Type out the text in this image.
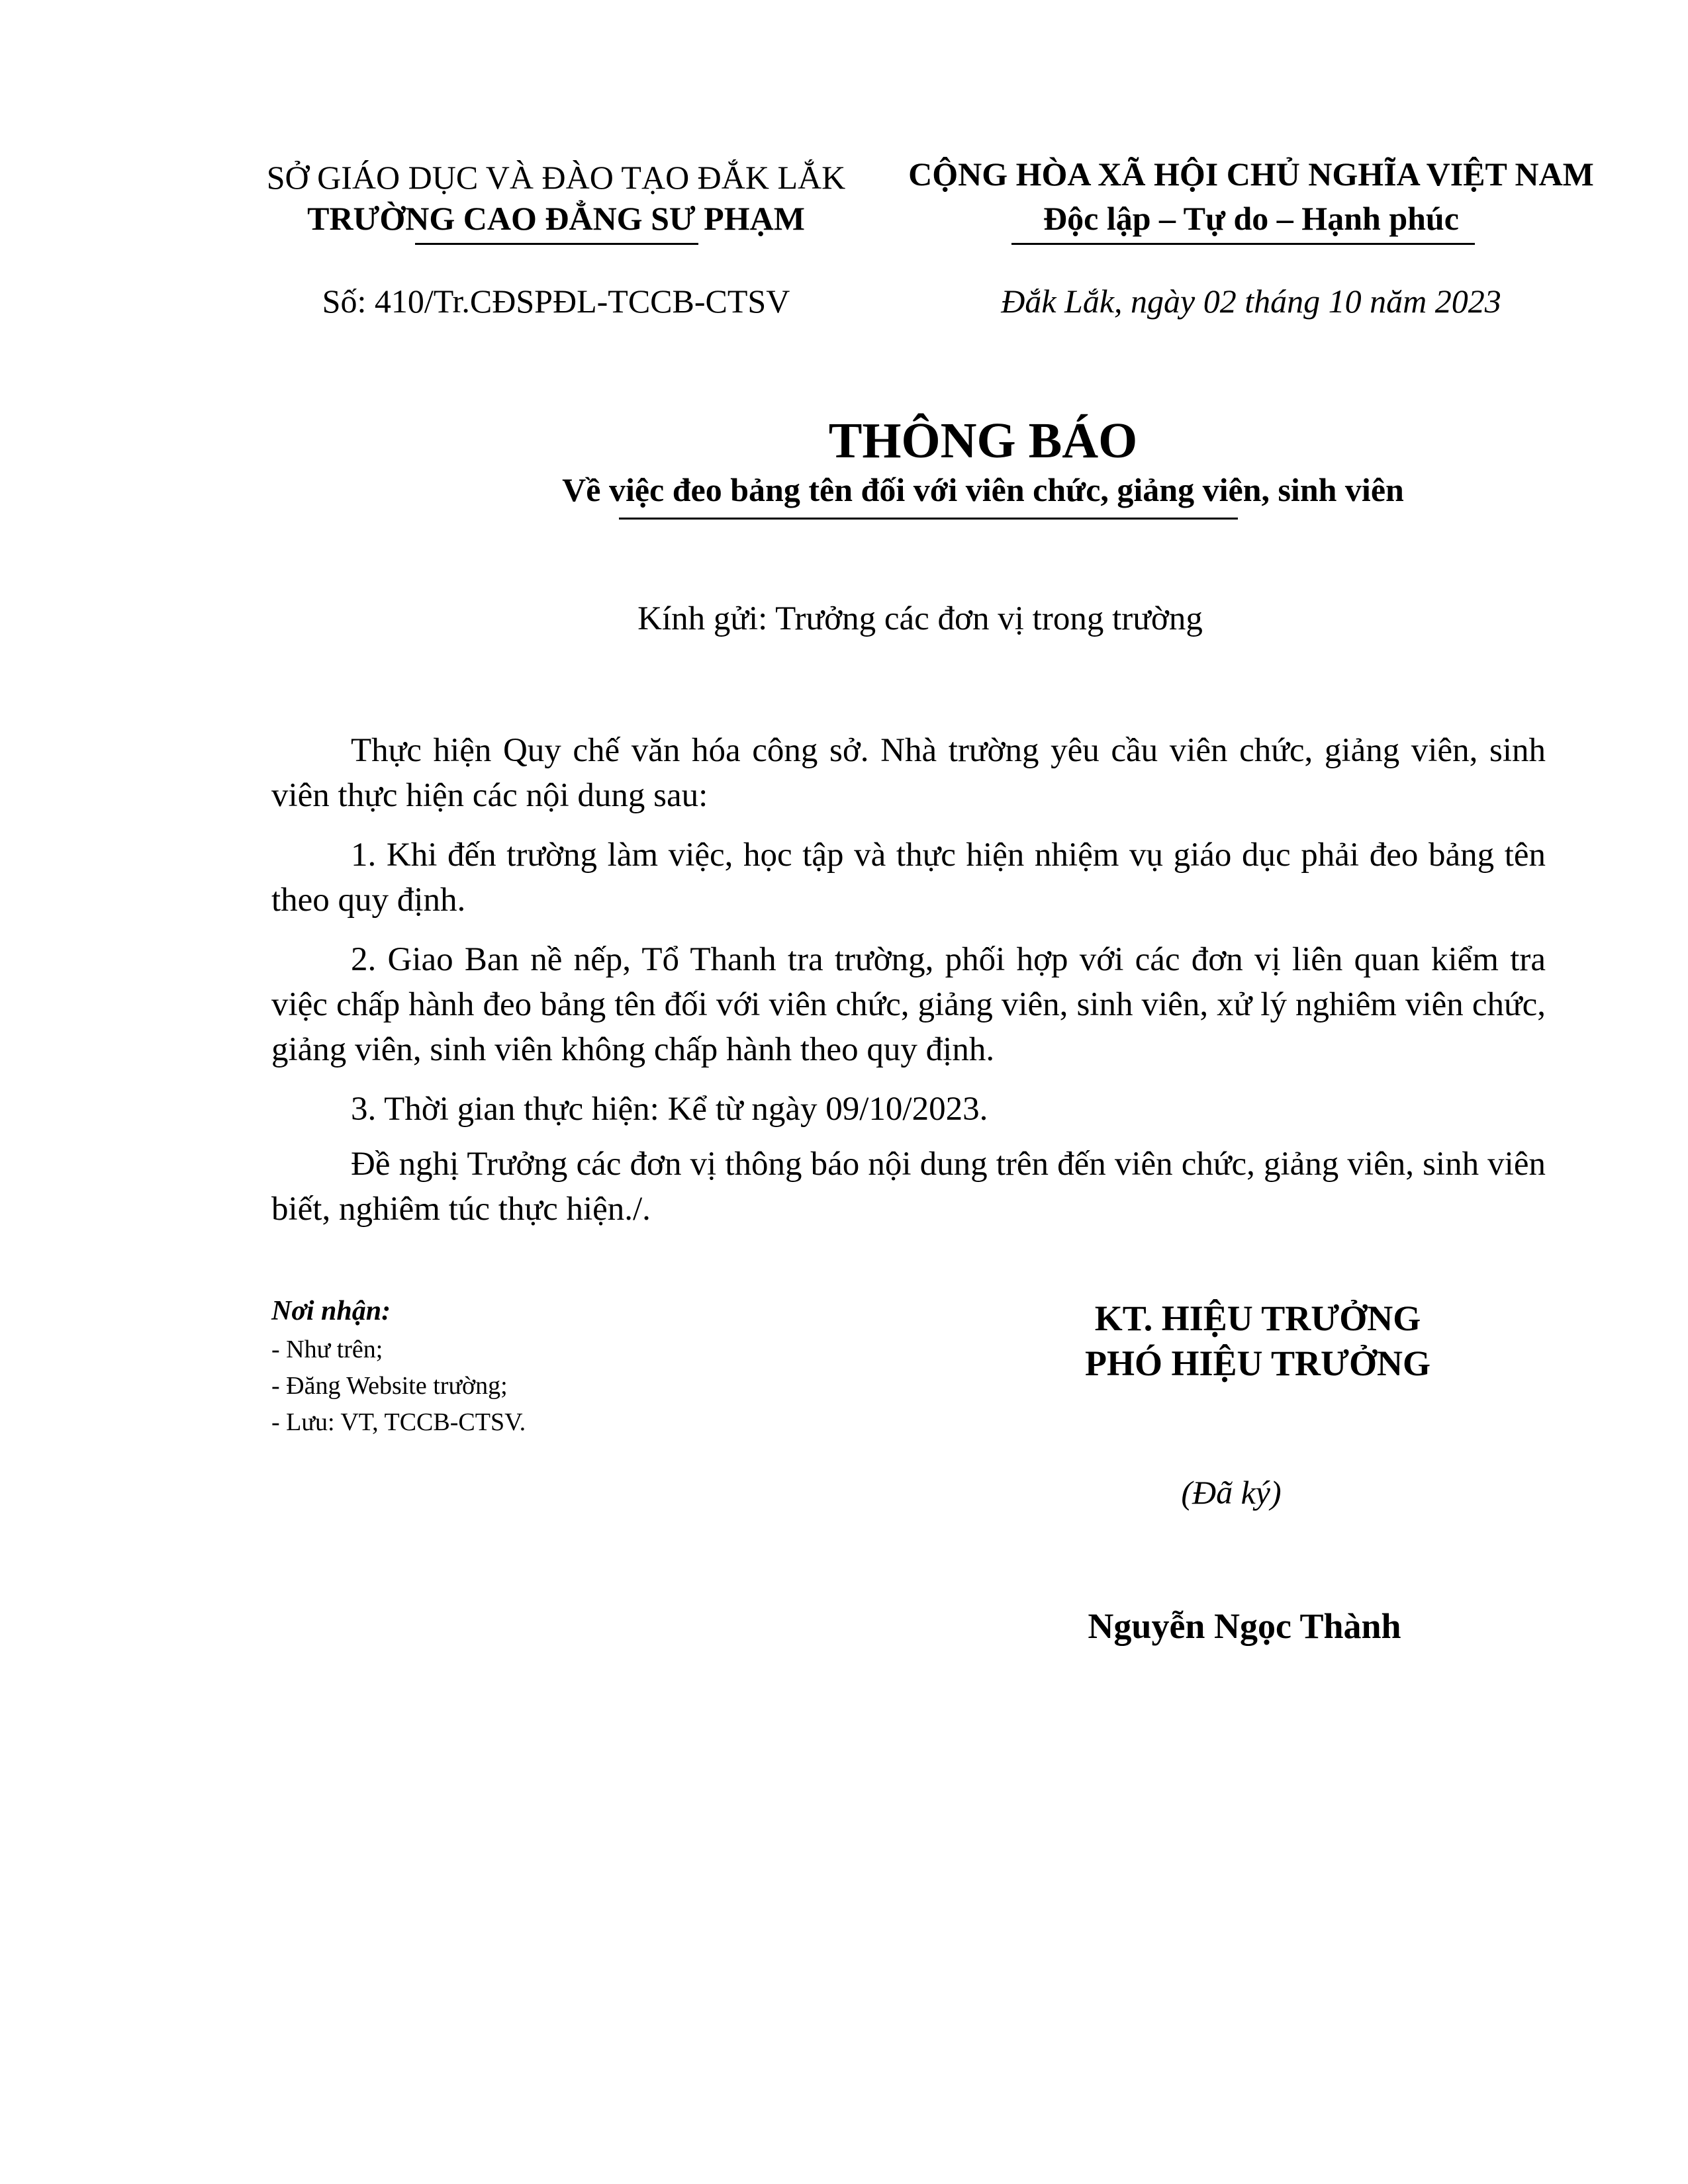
SỞ GIÁO DỤC VÀ ĐÀO TẠO ĐẮK LẮK
TRƯỜNG CAO ĐẲNG SƯ PHẠM
CỘNG HÒA XÃ HỘI CHỦ NGHĨA VIỆT NAM
Độc lập – Tự do – Hạnh phúc
Số: 410/Tr.CĐSPĐL-TCCB-CTSV	Đắk Lắk, ngày 02 tháng 10 năm 2023
THÔNG BÁO
Về việc đeo bảng tên đối với viên chức, giảng viên, sinh viên
Kính gửi: Trưởng các đơn vị trong trường

Thực hiện Quy chế văn hóa công sở. Nhà trường yêu cầu viên chức, giảng viên, sinh viên thực hiện các nội dung sau:

1. Khi đến trường làm việc, học tập và thực hiện nhiệm vụ giáo dục phải đeo bảng tên theo quy định.

2. Giao Ban nề nếp, Tổ Thanh tra trường, phối hợp với các đơn vị liên quan kiểm tra việc chấp hành đeo bảng tên đối với viên chức, giảng viên, sinh viên, xử lý nghiêm viên chức, giảng viên, sinh viên không chấp hành theo quy định.

3. Thời gian thực hiện: Kể từ ngày 09/10/2023.

Đề nghị Trưởng các đơn vị thông báo nội dung trên đến viên chức, giảng viên, sinh viên biết, nghiêm túc thực hiện./.

Nơi nhận:
- Như trên;
- Đăng Website trường;
- Lưu: VT, TCCB-CTSV.
KT. HIỆU TRƯỞNG
PHÓ HIỆU TRƯỞNG
(Đã ký)
Nguyễn Ngọc Thành
